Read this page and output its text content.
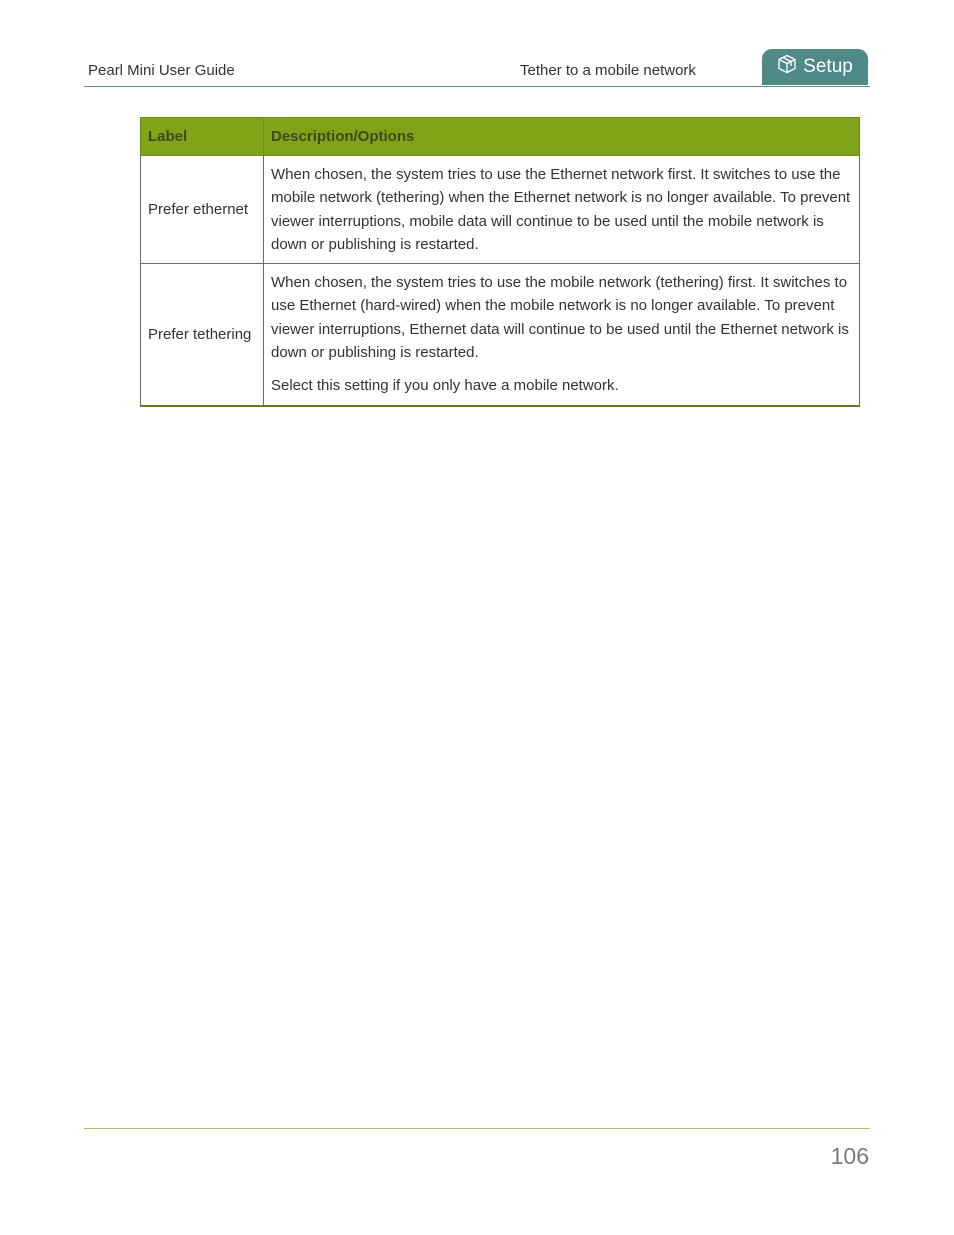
Pearl Mini User Guide	Tether to a mobile network	Setup
Label	Description/Options
Prefer ethernet	When chosen, the system tries to use the Ethernet network first. It switches to use the mobile network (tethering) when the Ethernet network is no longer available. To prevent viewer interruptions, mobile data will continue to be used until the mobile network is down or publishing is restarted.

Prefer tethering	When chosen, the system tries to use the mobile network (tethering) first. It switches to use Ethernet (hard-wired) when the mobile network is no longer available. To prevent viewer interruptions, Ethernet data will continue to be used until the Ethernet network is down or publishing is restarted.

Select this setting if you only have a mobile network.

106
